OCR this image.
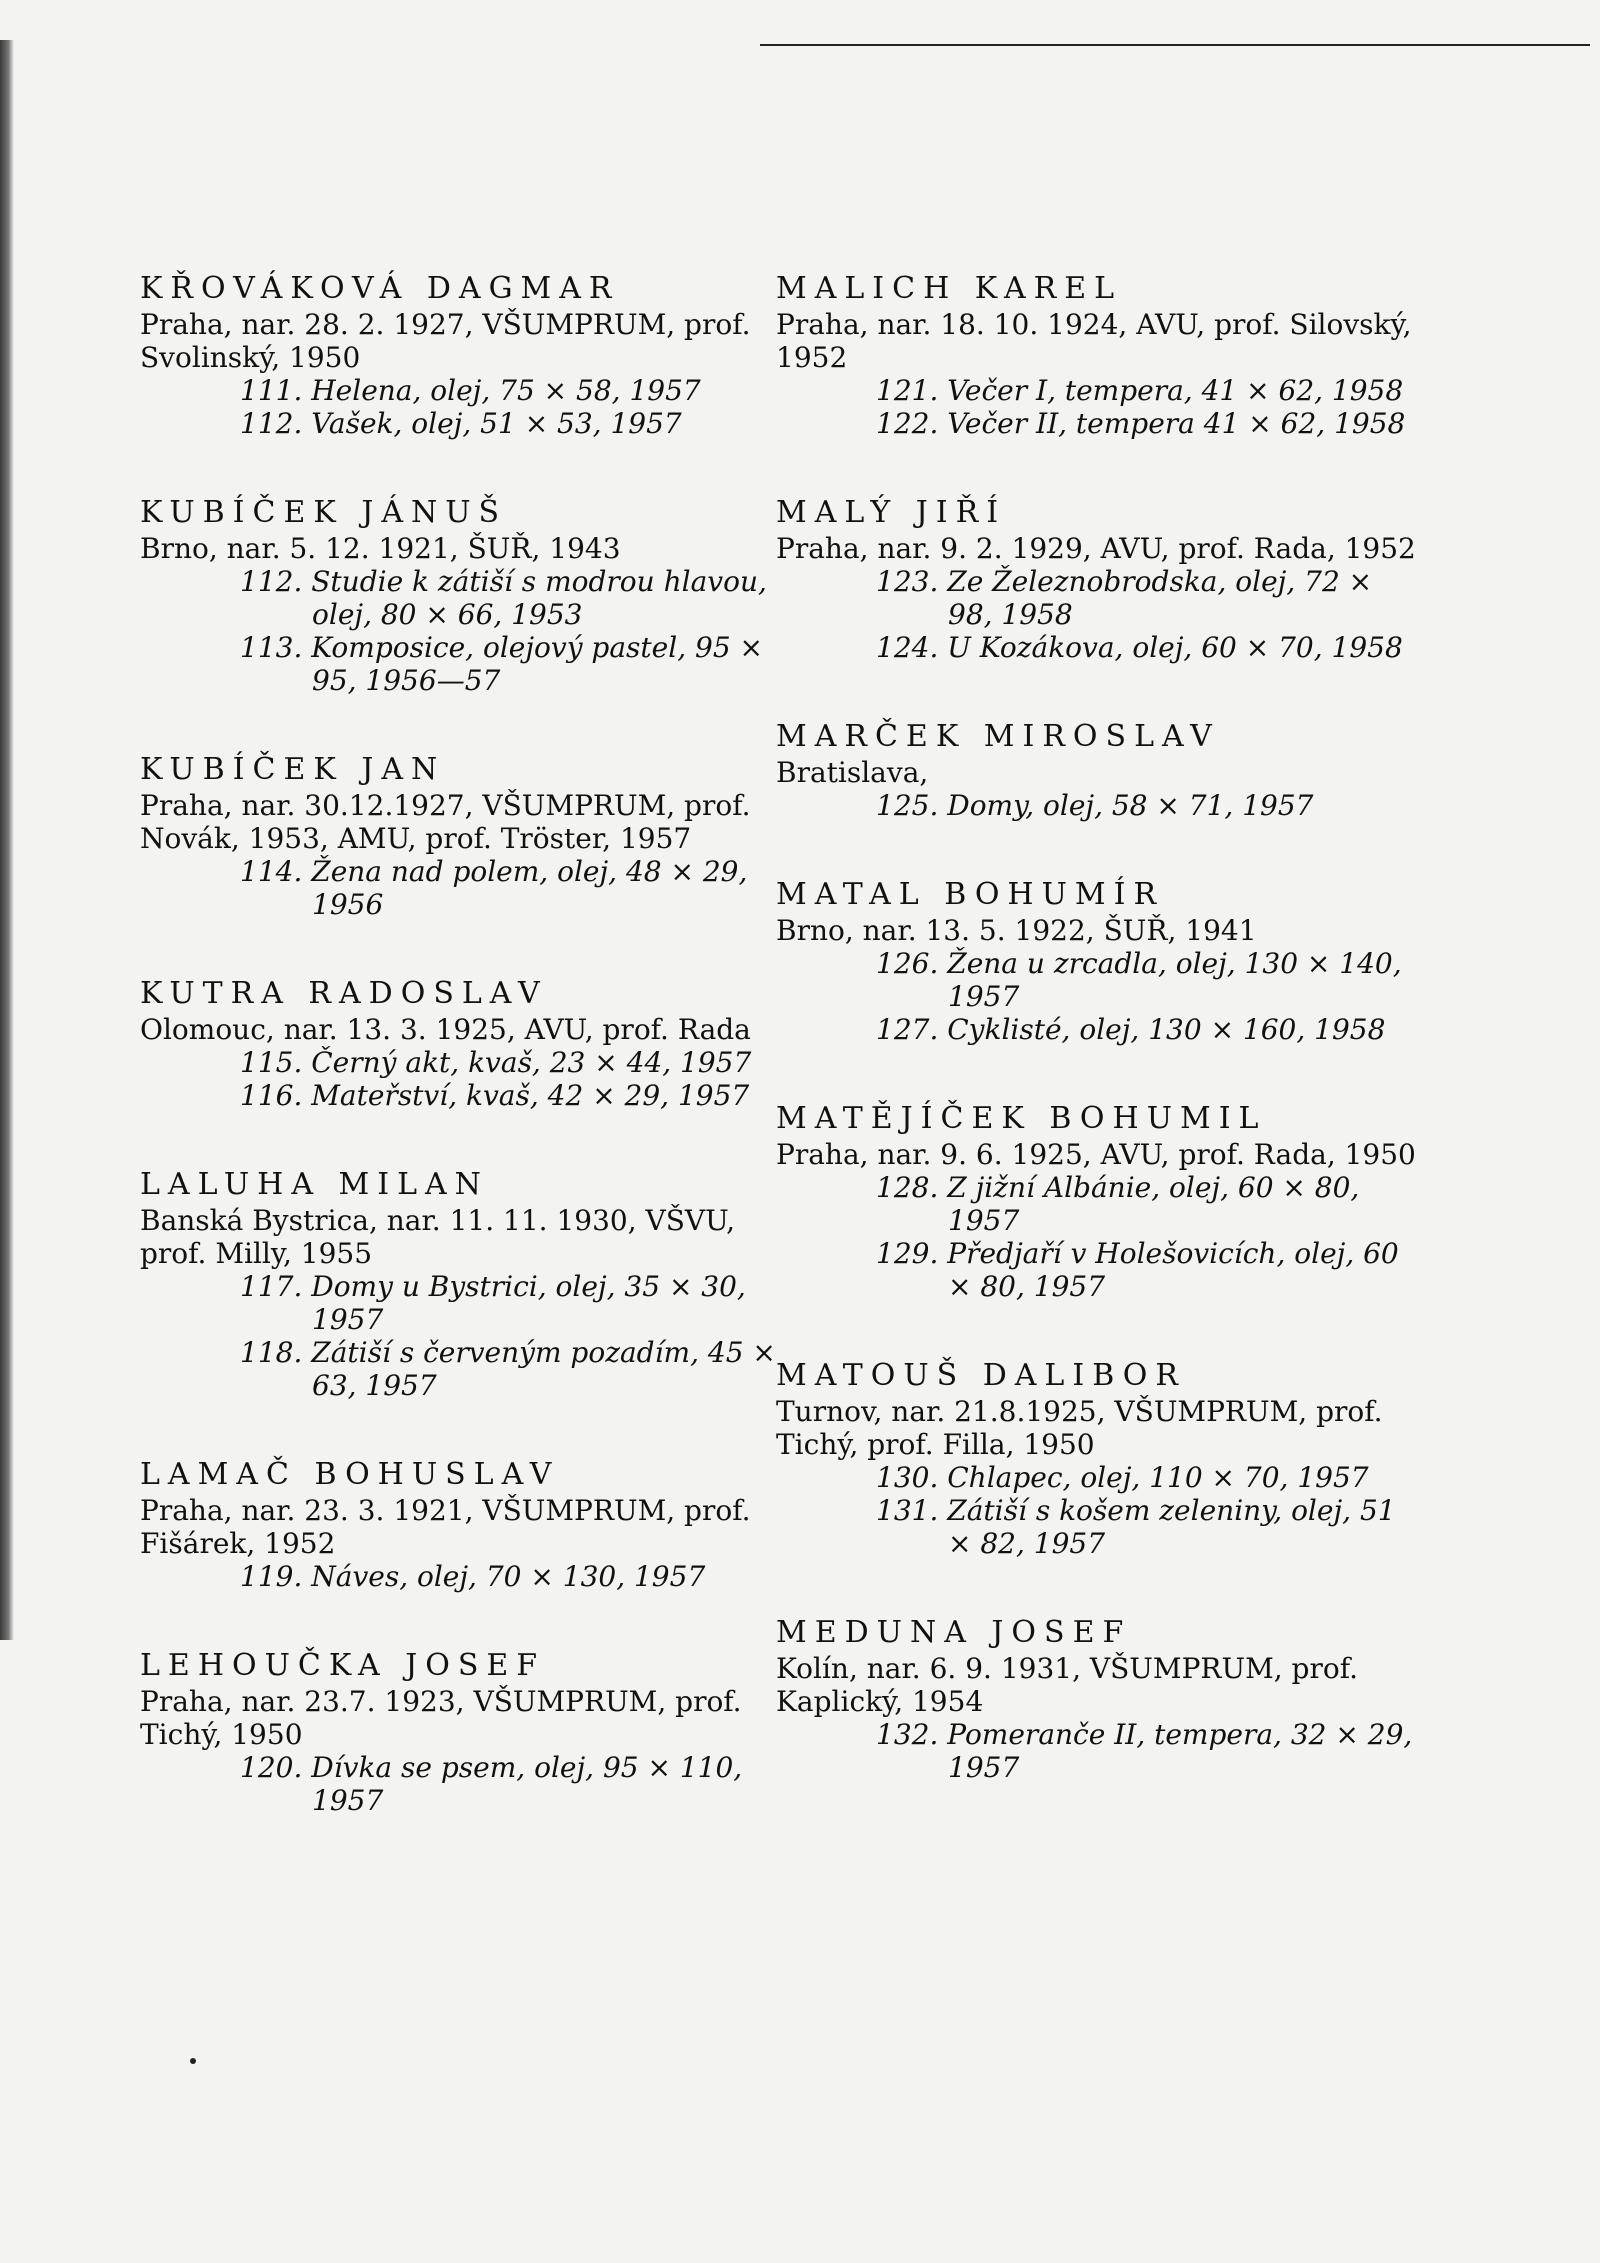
KŘOVÁKOVÁ DAGMAR
Praha, nar. 28. 2. 1927, VŠUMPRUM, prof. Svolinský, 1950
111. Helena, olej, 75 × 58, 1957
112. Vašek, olej, 51 × 53, 1957
KUBÍČEK JÁNUŠ
Brno, nar. 5. 12. 1921, ŠUŘ, 1943
112. Studie k zátiší s modrou hlavou, olej, 80 × 66, 1953
113. Komposice, olejový pastel, 95 × 95, 1956—57
KUBÍČEK JAN
Praha, nar. 30.12.1927, VŠUMPRUM, prof. Novák, 1953, AMU, prof. Tröster, 1957
114. Žena nad polem, olej, 48 × 29, 1956
KUTRA RADOSLAV
Olomouc, nar. 13. 3. 1925, AVU, prof. Rada
115. Černý akt, kvaš, 23 × 44, 1957
116. Mateřství, kvaš, 42 × 29, 1957
LALUHA MILAN
Banská Bystrica, nar. 11. 11. 1930, VŠVU, prof. Milly, 1955
117. Domy u Bystrici, olej, 35 × 30, 1957
118. Zátiší s červeným pozadím, 45 × 63, 1957
LAMAČ BOHUSLAV
Praha, nar. 23. 3. 1921, VŠUMPRUM, prof. Fišárek, 1952
119. Náves, olej, 70 × 130, 1957
LEHOUČKA JOSEF
Praha, nar. 23.7. 1923, VŠUMPRUM, prof. Tichý, 1950
120. Dívka se psem, olej, 95 × 110, 1957
MALICH KAREL
Praha, nar. 18. 10. 1924, AVU, prof. Silovský, 1952
121. Večer I, tempera, 41 × 62, 1958
122. Večer II, tempera 41 × 62, 1958
MALÝ JIŘÍ
Praha, nar. 9. 2. 1929, AVU, prof. Rada, 1952
123. Ze Železnobrodska, olej, 72 × 98, 1958
124. U Kozákova, olej, 60 × 70, 1958
MARČEK MIROSLAV
Bratislava,
125. Domy, olej, 58 × 71, 1957
MATAL BOHUMÍR
Brno, nar. 13. 5. 1922, ŠUŘ, 1941
126. Žena u zrcadla, olej, 130 × 140, 1957
127. Cyklisté, olej, 130 × 160, 1958
MATĚJÍČEK BOHUMIL
Praha, nar. 9. 6. 1925, AVU, prof. Rada, 1950
128. Z jižní Albánie, olej, 60 × 80, 1957
129. Předjaří v Holešovicích, olej, 60 × 80, 1957
MATOUŠ DALIBOR
Turnov, nar. 21.8.1925, VŠUMPRUM, prof. Tichý, prof. Filla, 1950
130. Chlapec, olej, 110 × 70, 1957
131. Zátiší s košem zeleniny, olej, 51 × 82, 1957
MEDUNA JOSEF
Kolín, nar. 6. 9. 1931, VŠUMPRUM, prof. Kaplický, 1954
132. Pomeranče II, tempera, 32 × 29, 1957
